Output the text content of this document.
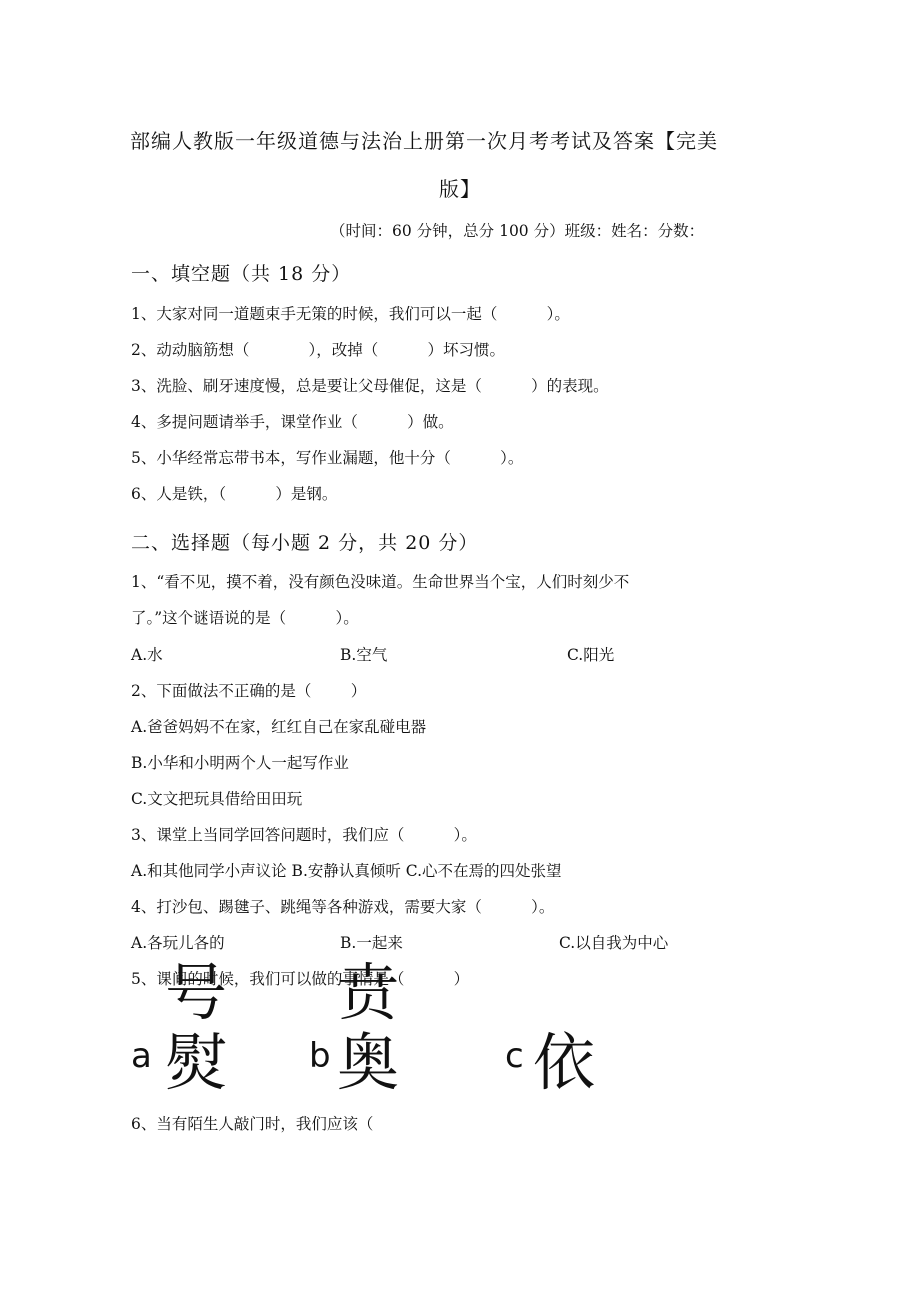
部编人教版一年级道德与法治上册第一次月考考试及答案【完美
版】
（时间：60 分钟，总分 100 分）班级：姓名：分数：
一、填空题（共 18 分）
1、大家对同一道题束手无策的时候，我们可以一起（          ）。
2、动动脑筋想（            ），改掉（          ）坏习惯。
3、洗脸、刷牙速度慢，总是要让父母催促，这是（          ）的表现。
4、多提问题请举手，课堂作业（          ）做。
5、小华经常忘带书本，写作业漏题，他十分（          ）。
6、人是铁，（          ）是钢。
二、选择题（每小题 2 分，共 20 分）
1、“看不见，摸不着，没有颜色没味道。生命世界当个宝，人们时刻少不
了。”这个谜语说的是（          ）。
A.水	B.空气	C.阳光
2、下面做法不正确的是（        ）
A.爸爸妈妈不在家，红红自己在家乱碰电器
B.小华和小明两个人一起写作业
C.文文把玩具借给田田玩
3、课堂上当同学回答问题时，我们应（          ）。
A.和其他同学小声议论 B.安静认真倾听 C.心不在焉的四处张望
4、打沙包、踢毽子、跳绳等各种游戏，需要大家（          ）。
A.各玩儿各的	B.一起来	C.以自我为中心
5、课间的时候，我们可以做的事情是（          ）
a
号熨 b
贲奥	c 依
6、当有陌生人敲门时，我们应该（
